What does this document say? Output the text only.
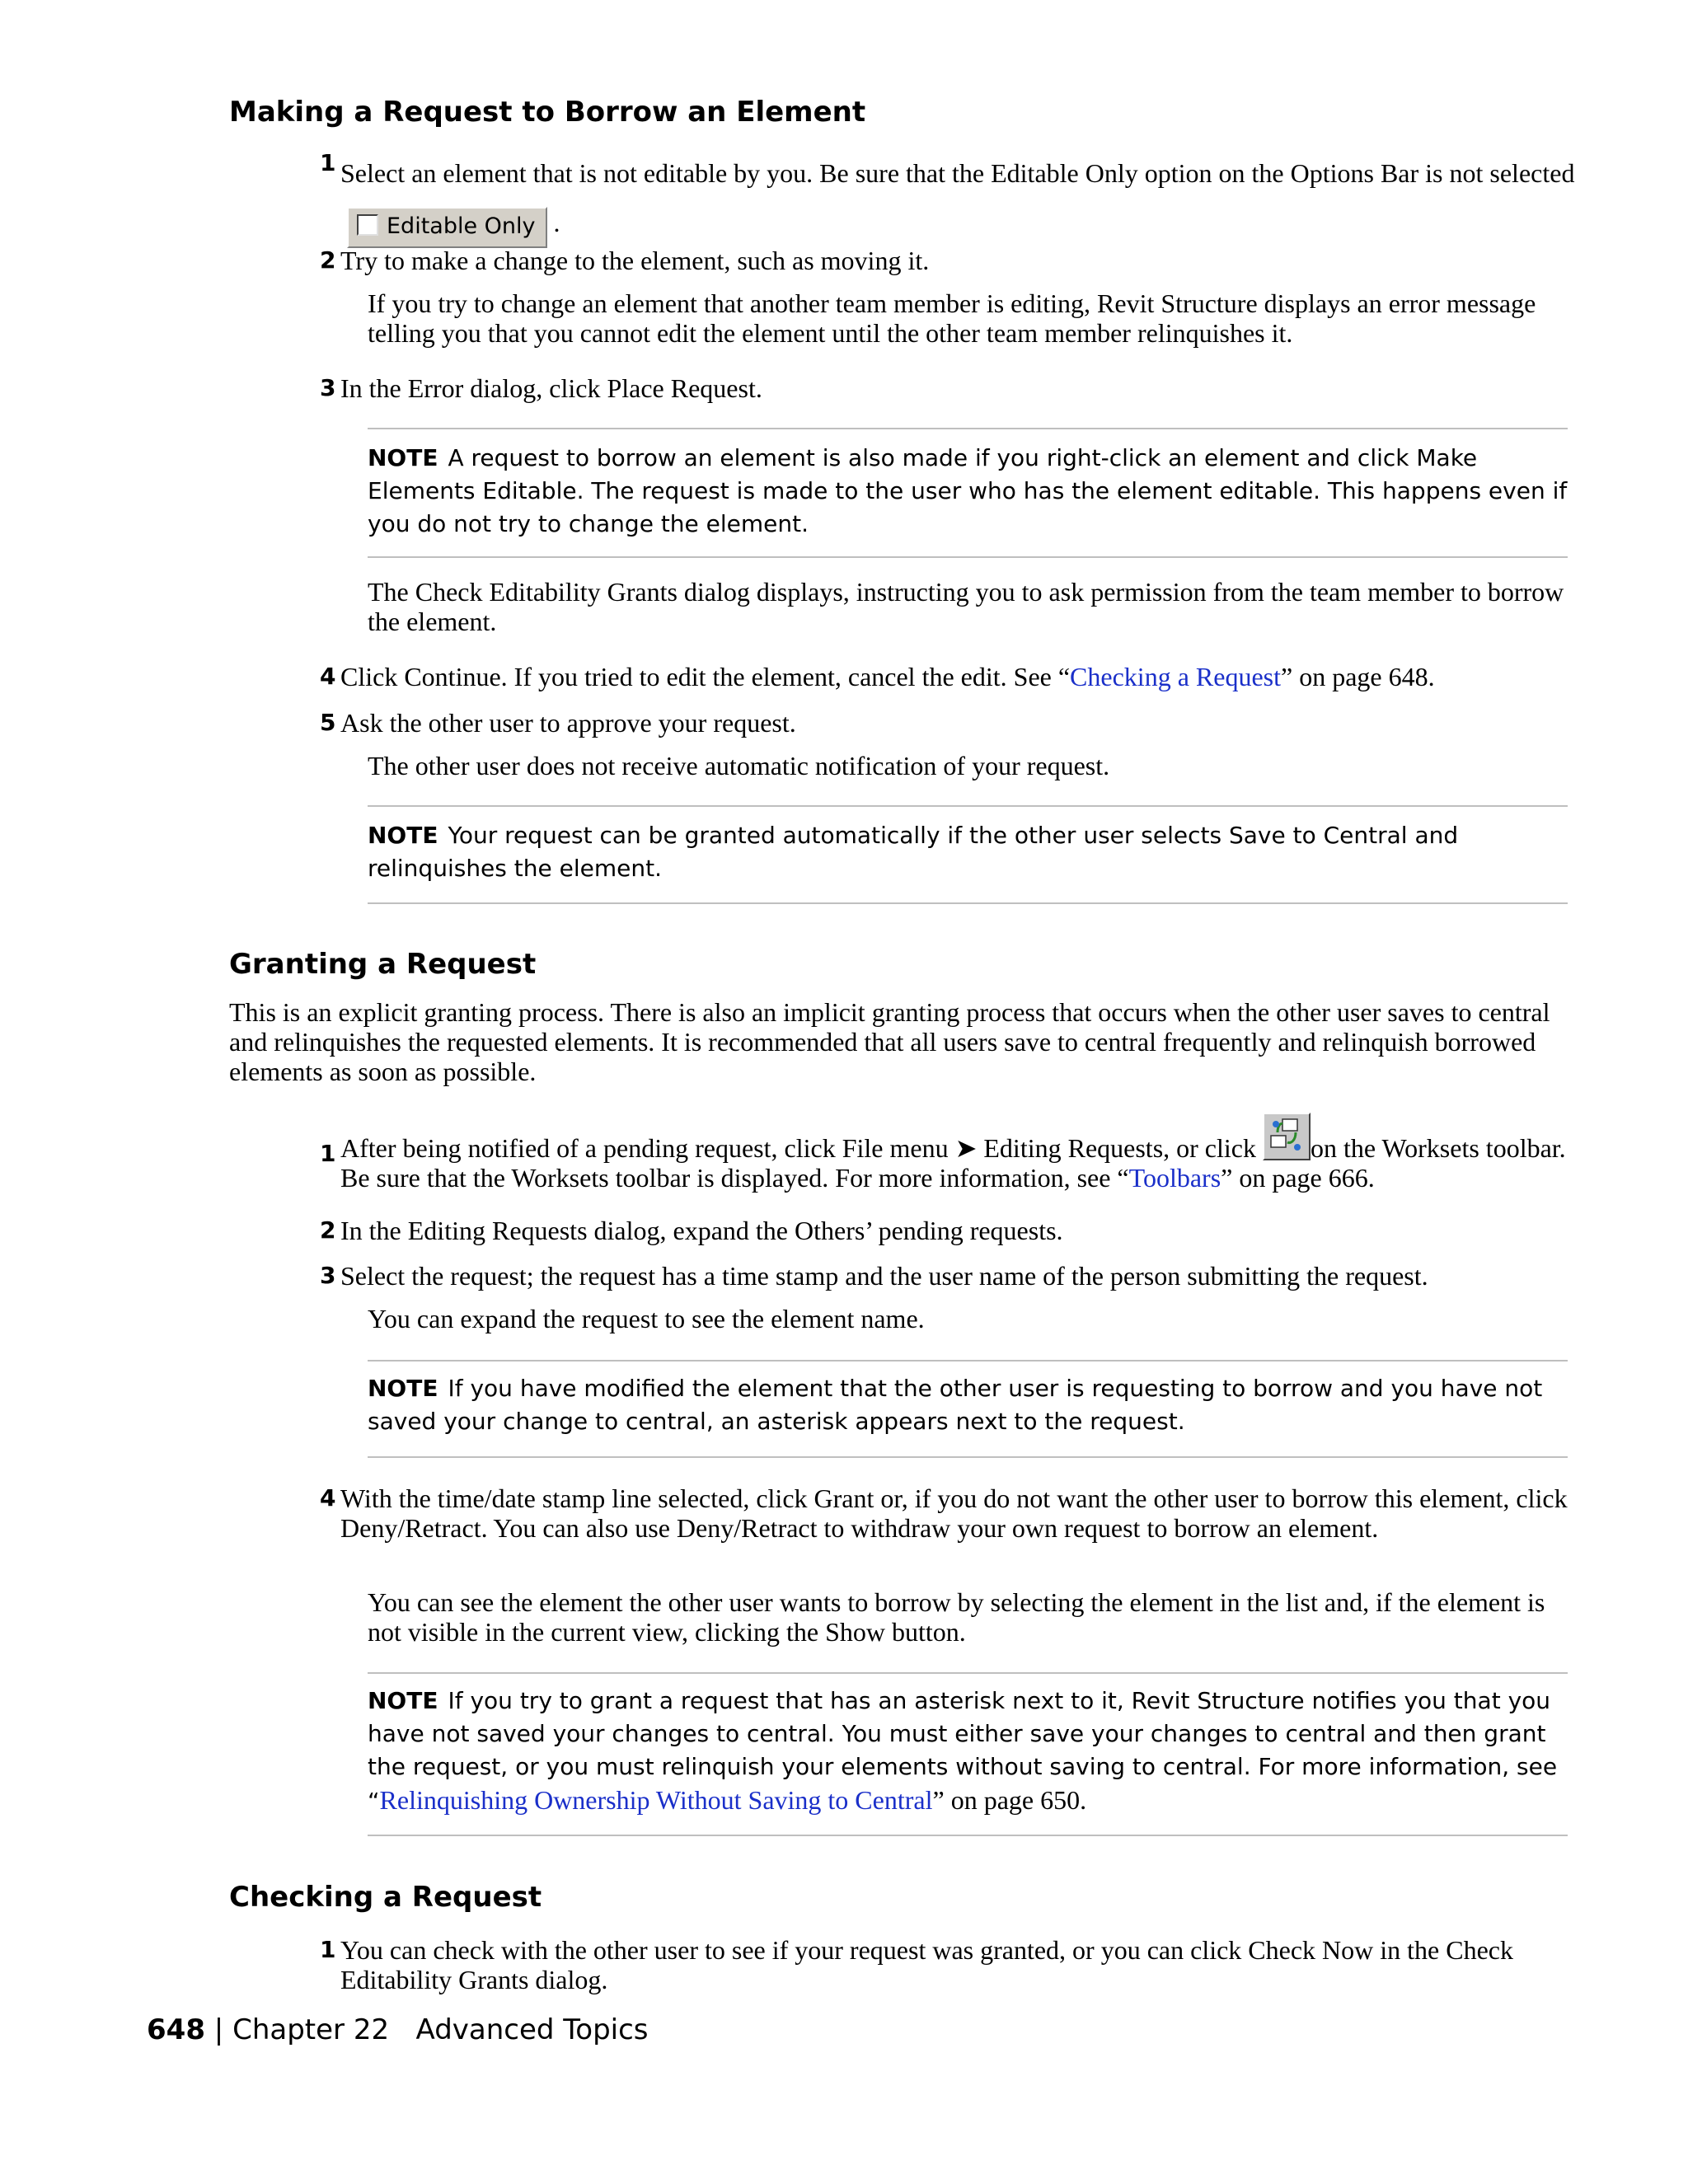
Making a Request to Borrow an Element
1 Select an element that is not editable by you. Be sure that the Editable Only option on the Options Bar is not selected Editable Only .
2 Try to make a change to the element, such as moving it.
If you try to change an element that another team member is editing, Revit Structure displays an error message telling you that you cannot edit the element until the other team member relinquishes it.
3 In the Error dialog, click Place Request.
NOTE A request to borrow an element is also made if you right-click an element and click Make Elements Editable. The request is made to the user who has the element editable. This happens even if you do not try to change the element.
The Check Editability Grants dialog displays, instructing you to ask permission from the team member to borrow the element.
4 Click Continue. If you tried to edit the element, cancel the edit. See “Checking a Request” on page 648.
5 Ask the other user to approve your request.
The other user does not receive automatic notification of your request.
NOTE Your request can be granted automatically if the other user selects Save to Central and relinquishes the element.
Granting a Request
This is an explicit granting process. There is also an implicit granting process that occurs when the other user saves to central and relinquishes the requested elements. It is recommended that all users save to central frequently and relinquish borrowed elements as soon as possible.
1 After being notified of a pending request, click File menu ➤ Editing Requests, or click on the Worksets toolbar. Be sure that the Worksets toolbar is displayed. For more information, see “Toolbars” on page 666.
2 In the Editing Requests dialog, expand the Others’ pending requests.
3 Select the request; the request has a time stamp and the user name of the person submitting the request.
You can expand the request to see the element name.
NOTE If you have modified the element that the other user is requesting to borrow and you have not saved your change to central, an asterisk appears next to the request.
4 With the time/date stamp line selected, click Grant or, if you do not want the other user to borrow this element, click Deny/Retract. You can also use Deny/Retract to withdraw your own request to borrow an element.
You can see the element the other user wants to borrow by selecting the element in the list and, if the element is not visible in the current view, clicking the Show button.
NOTE If you try to grant a request that has an asterisk next to it, Revit Structure notifies you that you have not saved your changes to central. You must either save your changes to central and then grant the request, or you must relinquish your elements without saving to central. For more information, see “Relinquishing Ownership Without Saving to Central” on page 650.
Checking a Request
1 You can check with the other user to see if your request was granted, or you can click Check Now in the Check Editability Grants dialog.
648 | Chapter 22 Advanced Topics
